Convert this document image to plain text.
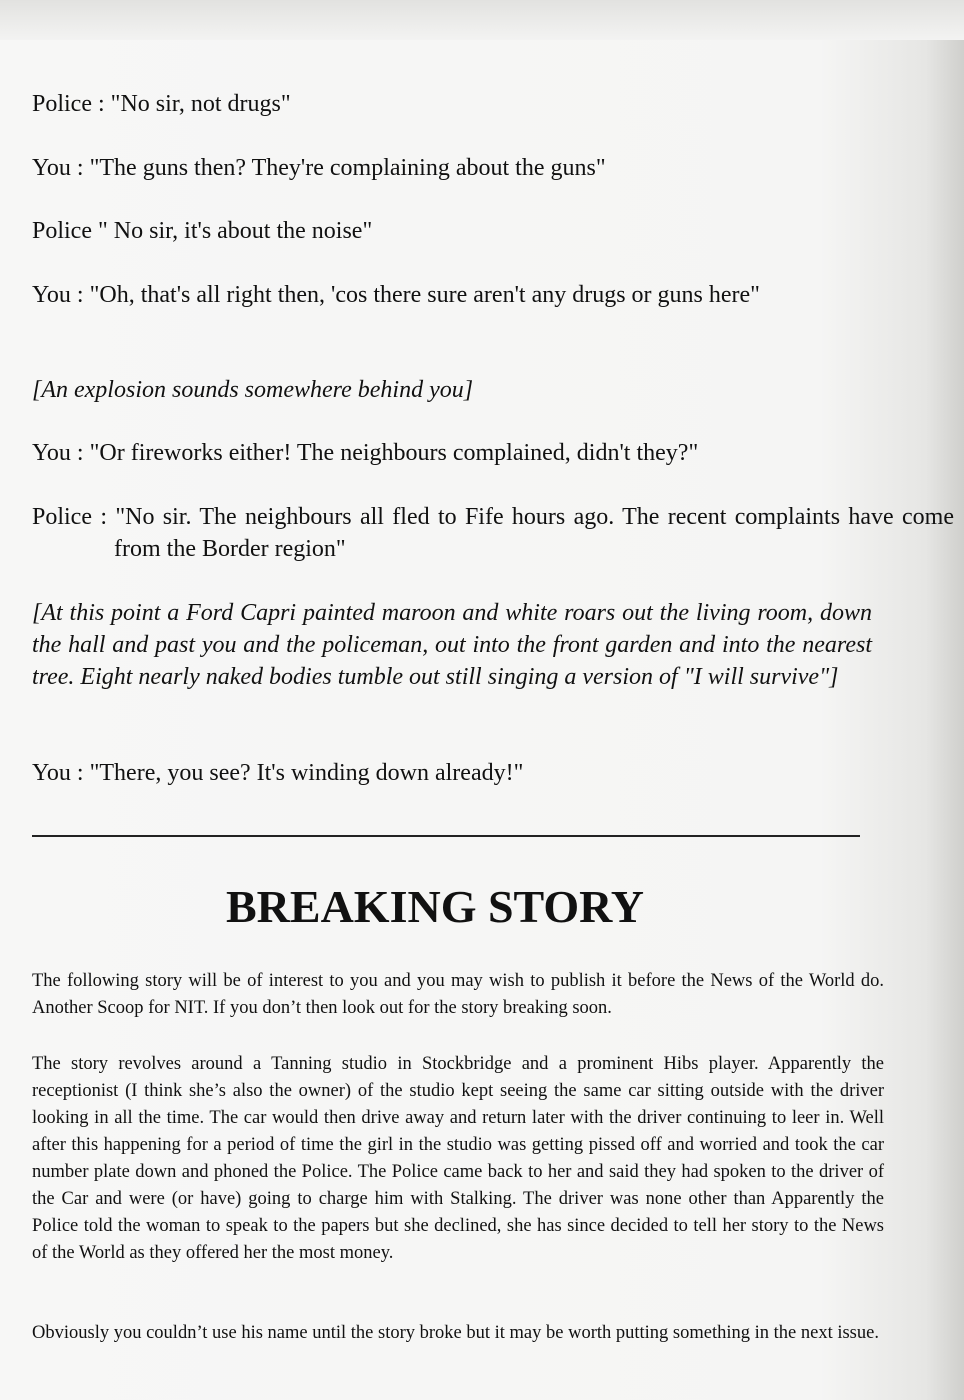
Police : "No sir, not drugs"

You : "The guns then? They're complaining about the guns"

Police " No sir, it's about the noise"

You : "Oh, that's all right then, 'cos there sure aren't any drugs or guns here"

[An explosion sounds somewhere behind you]

You : "Or fireworks either! The neighbours complained, didn't they?"

Police : "No sir. The neighbours all fled to Fife hours ago. The recent complaints have come from the Border region"

[At this point a Ford Capri painted maroon and white roars out the living room, down the hall and past you and the policeman, out into the front garden and into the nearest tree. Eight nearly naked bodies tumble out still singing a version of "I will survive"]

You : "There, you see? It's winding down already!"

BREAKING STORY

The following story will be of interest to you and you may wish to publish it before the News of the World do. Another Scoop for NIT. If you don’t then look out for the story breaking soon.

The story revolves around a Tanning studio in Stockbridge and a prominent Hibs player. Apparently the receptionist (I think she’s also the owner) of the studio kept seeing the same car sitting outside with the driver looking in all the time. The car would then drive away and return later with the driver continuing to leer in. Well after this happening for a period of time the girl in the studio was getting pissed off and worried and took the car number plate down and phoned the Police. The Police came back to her and said they had spoken to the driver of the Car and were (or have) going to charge him with Stalking. The driver was none other than Apparently the Police told the woman to speak to the papers but she declined, she has since decided to tell her story to the News of the World as they offered her the most money.

Obviously you couldn’t use his name until the story broke but it may be worth putting something in the next issue.
